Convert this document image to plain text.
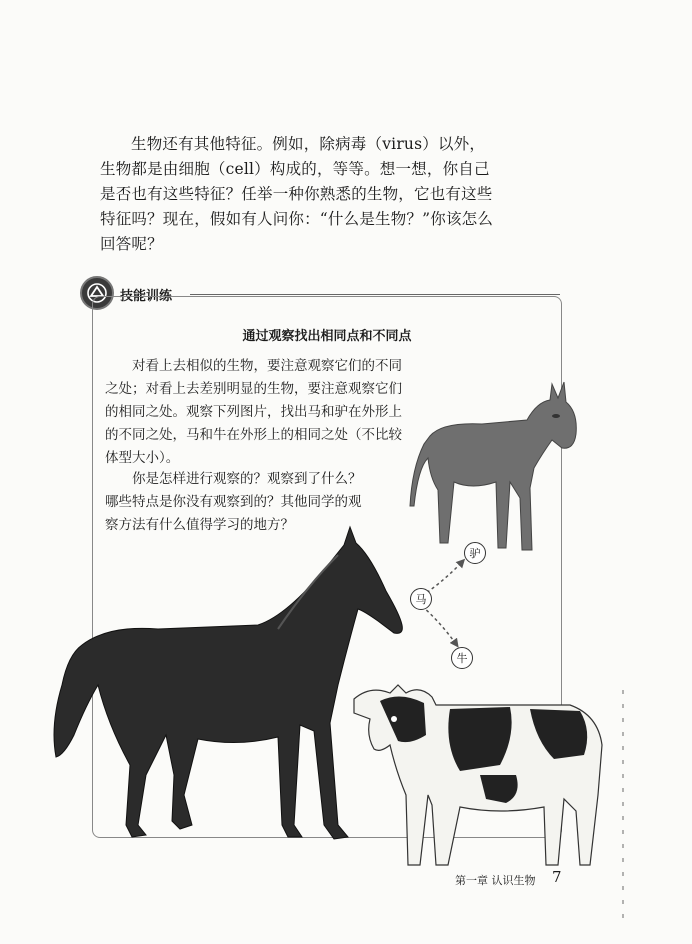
生物还有其他特征。例如，除病毒（virus）以外，生物都是由细胞（cell）构成的，等等。想一想，你自己是否也有这些特征？任举一种你熟悉的生物，它也有这些特征吗？现在，假如有人问你：“什么是生物？”你该怎么回答呢？

技能训练
通过观察找出相同点和不同点

对看上去相似的生物，要注意观察它们的不同之处；对看上去差别明显的生物，要注意观察它们的相同之处。观察下列图片，找出马和驴在外形上的不同之处，马和牛在外形上的相同之处（不比较体型大小）。

你是怎样进行观察的？观察到了什么？哪些特点是你没有观察到的？其他同学的观察方法有什么值得学习的地方？

驴
马
牛
第一章 认识生物 7
